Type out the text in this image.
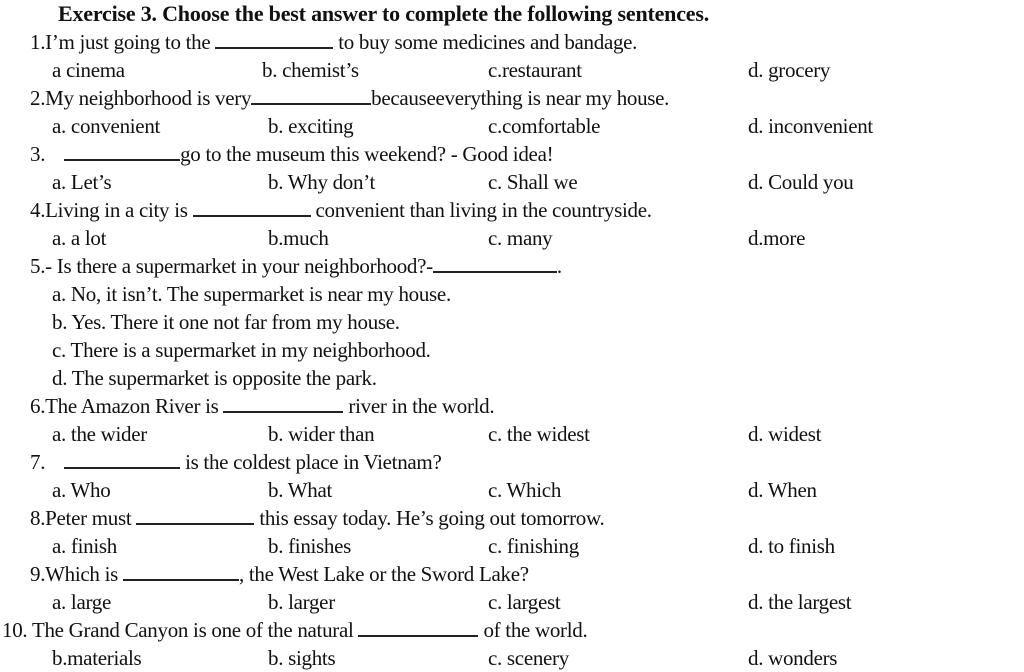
Exercise 3. Choose the best answer to complete the following sentences.
1.I’m just going to the	to buy some medicines and bandage.
a cinema	b. chemist’s	c.restaurant	d. grocery
2.My neighborhood is very	becauseeverything is near my house.
a. convenient	b. exciting	c.comfortable	d. inconvenient
3.	go to the museum this weekend? - Good idea!
a. Let’s	b. Why don’t	c. Shall we	d. Could you
4.Living in a city is	convenient than living in the countryside.
a. a lot	b.much	c. many	d.more
5.- Is there a supermarket in your neighborhood?-	.
a. No, it isn’t. The supermarket is near my house.
b. Yes. There it one not far from my house.
c. There is a supermarket in my neighborhood.
d. The supermarket is opposite the park.
6.The Amazon River is	river in the world.
a. the wider	b. wider than	c. the widest	d. widest
7.	is the coldest place in Vietnam?
a. Who	b. What	c. Which	d. When
8.Peter must	this essay today. He’s going out tomorrow.
a. finish	b. finishes	c. finishing	d. to finish
9.Which is	, the West Lake or the Sword Lake?
a. large	b. larger	c. largest	d. the largest
10. The Grand Canyon is one of the natural	of the world.
b.materials	b. sights	c. scenery	d. wonders
